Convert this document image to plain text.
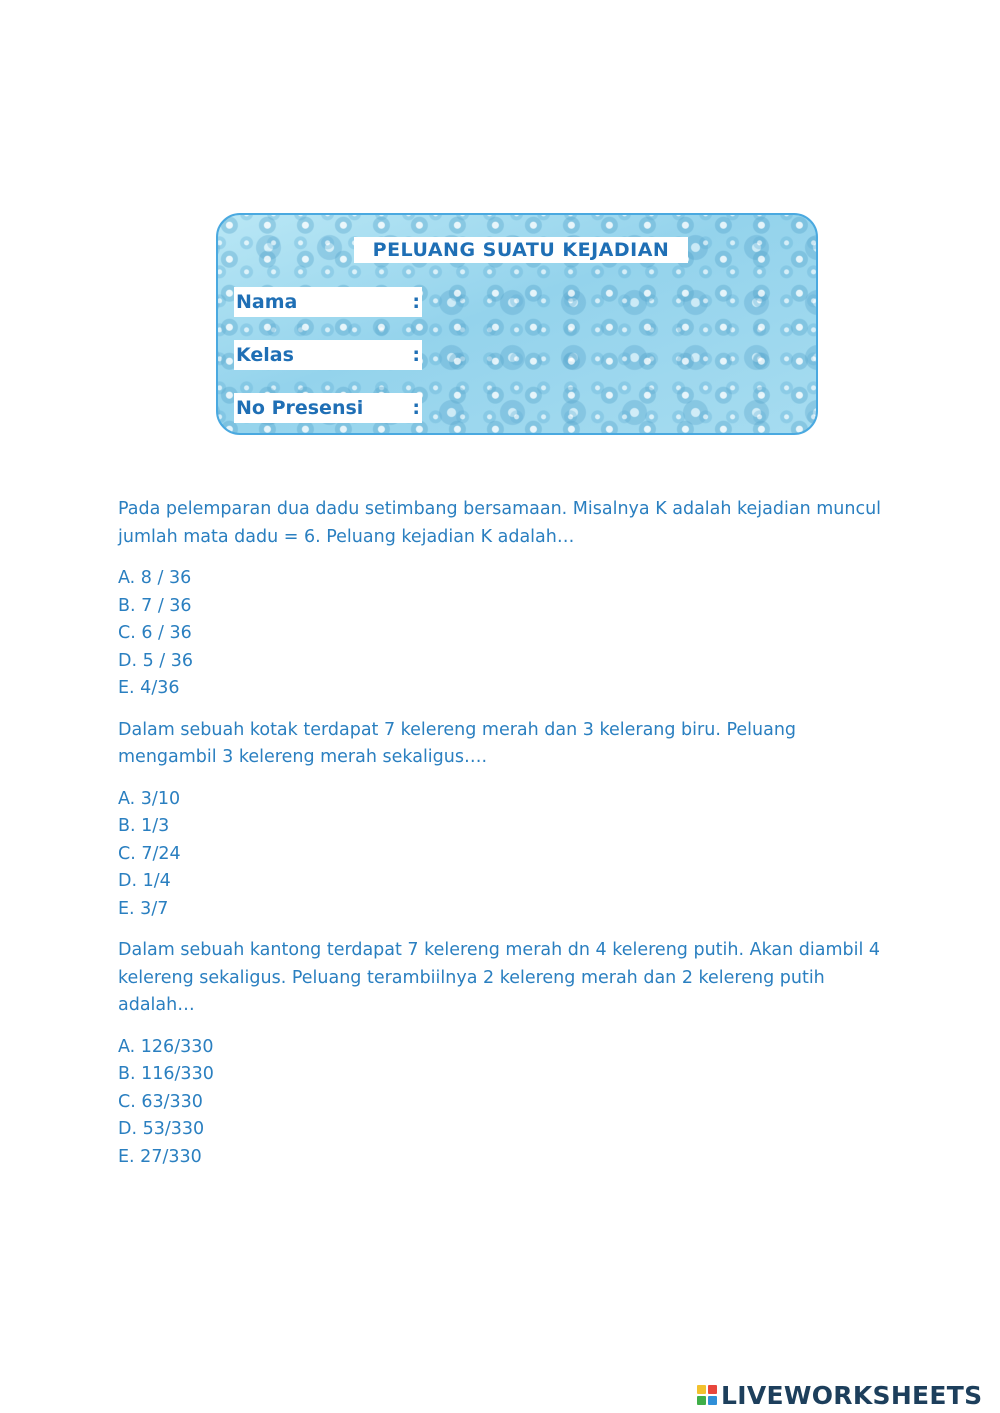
PELUANG SUATU KEJADIAN
Nama	:
Kelas	:
No Presensi	:

Pada pelemparan dua dadu setimbang bersamaan. Misalnya K adalah kejadian muncul jumlah mata dadu = 6. Peluang kejadian K adalah…

A. 8 / 36
B. 7 / 36
C. 6 / 36
D. 5 / 36
E. 4/36

Dalam sebuah kotak terdapat 7 kelereng merah dan 3 kelerang biru. Peluang mengambil 3 kelereng merah sekaligus….

A. 3/10
B. 1/3
C. 7/24
D. 1/4
E. 3/7

Dalam sebuah kantong terdapat 7 kelereng merah dn 4 kelereng putih. Akan diambil 4 kelereng sekaligus. Peluang terambiilnya 2 kelereng merah dan 2 kelereng putih adalah…

A. 126/330
B. 116/330
C. 63/330
D. 53/330
E. 27/330
LIVEWORKSHEETS
